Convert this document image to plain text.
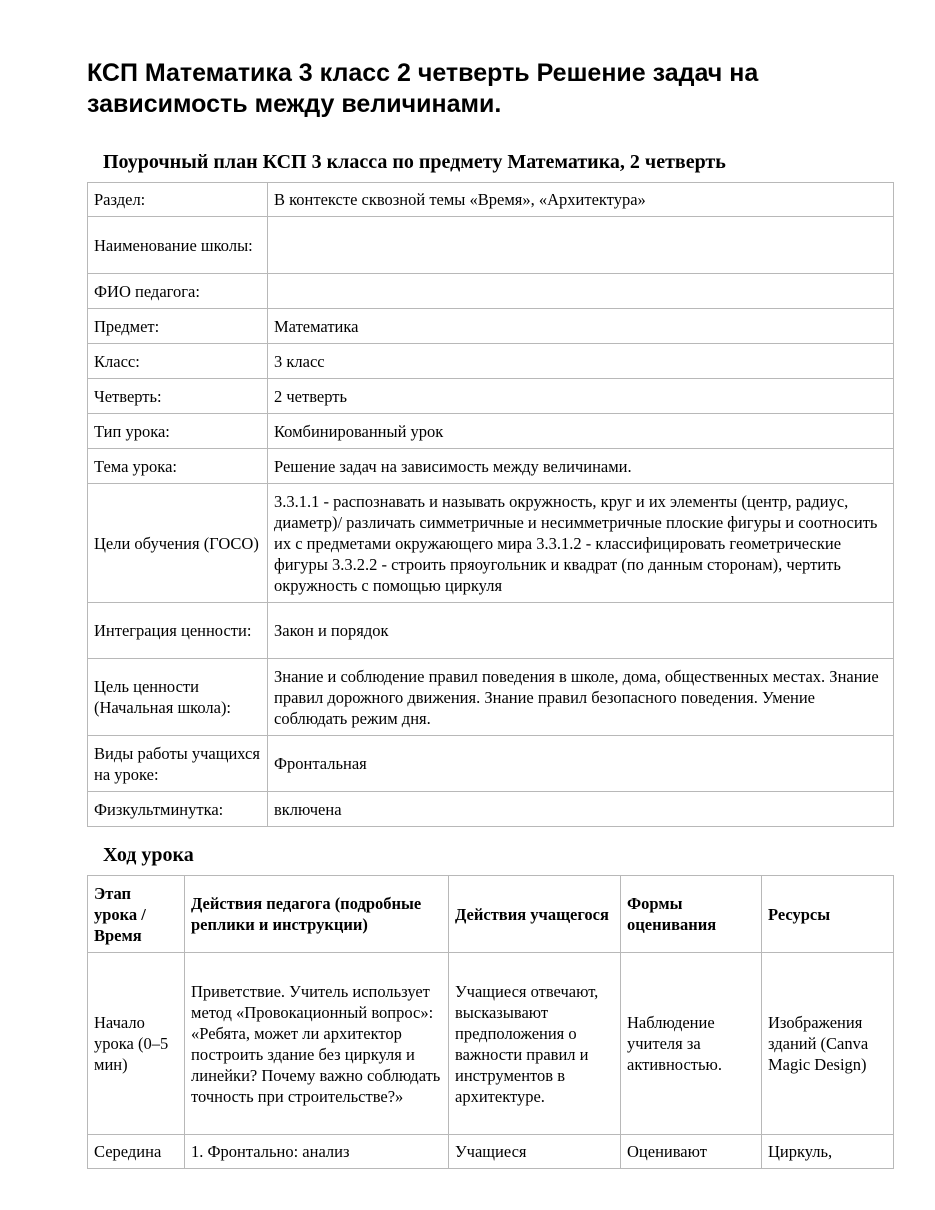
КСП Математика 3 класс 2 четверть Решение задач на зависимость между величинами.
Поурочный план КСП 3 класса по предмету Математика, 2 четверть
Раздел:	В контексте сквозной темы «Время», «Архитектура»
Наименование школы:	
ФИО педагога:	
Предмет:	Математика
Класс:	3 класс
Четверть:	2 четверть
Тип урока:	Комбинированный урок
Тема урока:	Решение задач на зависимость между величинами.
Цели обучения (ГОСО)	3.3.1.1 - распознавать и называть окружность, круг и их элементы (центр, радиус, диаметр)/ различать симметричные и несимметричные плоские фигуры и соотносить их с предметами окружающего мира 3.3.1.2 - классифицировать геометрические фигуры 3.3.2.2 - строить пряоугольник и квадрат (по данным сторонам), чертить окружность с помощью циркуля
Интеграция ценности:	Закон и порядок
Цель ценности (Начальная школа):	Знание и соблюдение правил поведения в школе, дома, общественных местах. Знание правил дорожного движения. Знание правил безопасного поведения. Умение соблюдать режим дня.
Виды работы учащихся на уроке:	Фронтальная
Физкультминутка:	включена
Ход урока
Этап урока / Время	Действия педагога (подробные реплики и инструкции)	Действия учащегося	Формы оценивания	Ресурсы
Начало урока (0–5 мин)	Приветствие. Учитель использует метод «Провокационный вопрос»: «Ребята, может ли архитектор построить здание без циркуля и линейки? Почему важно соблюдать точность при строительстве?»	Учащиеся отвечают, высказывают предположения о важности правил и инструментов в архитектуре.	Наблюдение учителя за активностью.	Изображения зданий (Canva Magic Design)
Середина	1. Фронтально: анализ	Учащиеся	Оценивают	Циркуль,
